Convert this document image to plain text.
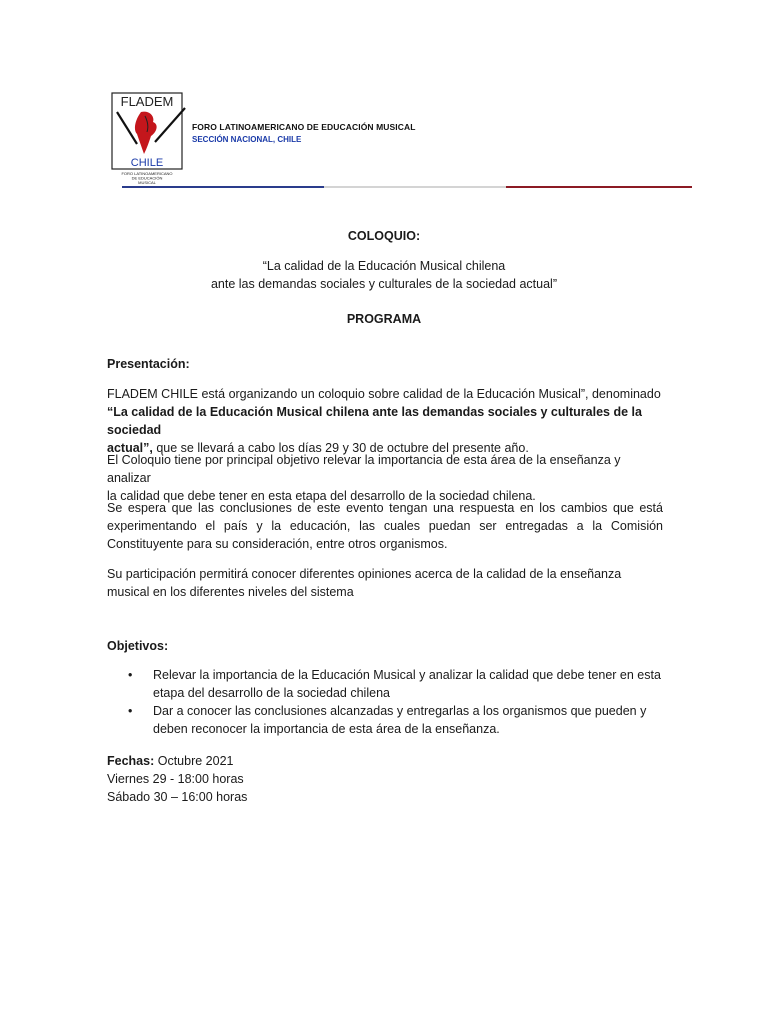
FLADEM
CHILE
FORO LATINOAMERICANO
DE EDUCACIÓN
MUSICAL
FORO LATINOAMERICANO DE EDUCACIÓN MUSICAL
SECCIÓN NACIONAL, CHILE
COLOQUIO:
“La calidad de la Educación Musical chilena
ante las demandas sociales y culturales de la sociedad actual”
PROGRAMA
Presentación:
FLADEM CHILE está organizando un coloquio sobre calidad de la Educación Musical”, denominado
“La calidad de la Educación Musical chilena ante las demandas sociales y culturales de la sociedad
actual”, que se llevará a cabo los días 29 y 30 de octubre del presente año.
El Coloquio tiene por principal objetivo relevar la importancia de esta área de la enseñanza y analizar
la calidad que debe tener en esta etapa del desarrollo de la sociedad chilena.
Se espera que las conclusiones de este evento tengan una respuesta en los cambios que está
experimentando el país y la educación, las cuales puedan ser entregadas a la Comisión
Constituyente para su consideración, entre otros organismos.
Su participación permitirá conocer diferentes opiniones acerca de la calidad de la enseñanza
musical en los diferentes niveles del sistema
Objetivos:
• Relevar la importancia de la Educación Musical y analizar la calidad que debe tener en esta
etapa del desarrollo de la sociedad chilena
• Dar a conocer las conclusiones alcanzadas y entregarlas a los organismos que pueden y
deben reconocer la importancia de esta área de la enseñanza.
Fechas: Octubre 2021
Viernes 29 - 18:00 horas
Sábado 30 – 16:00 horas
